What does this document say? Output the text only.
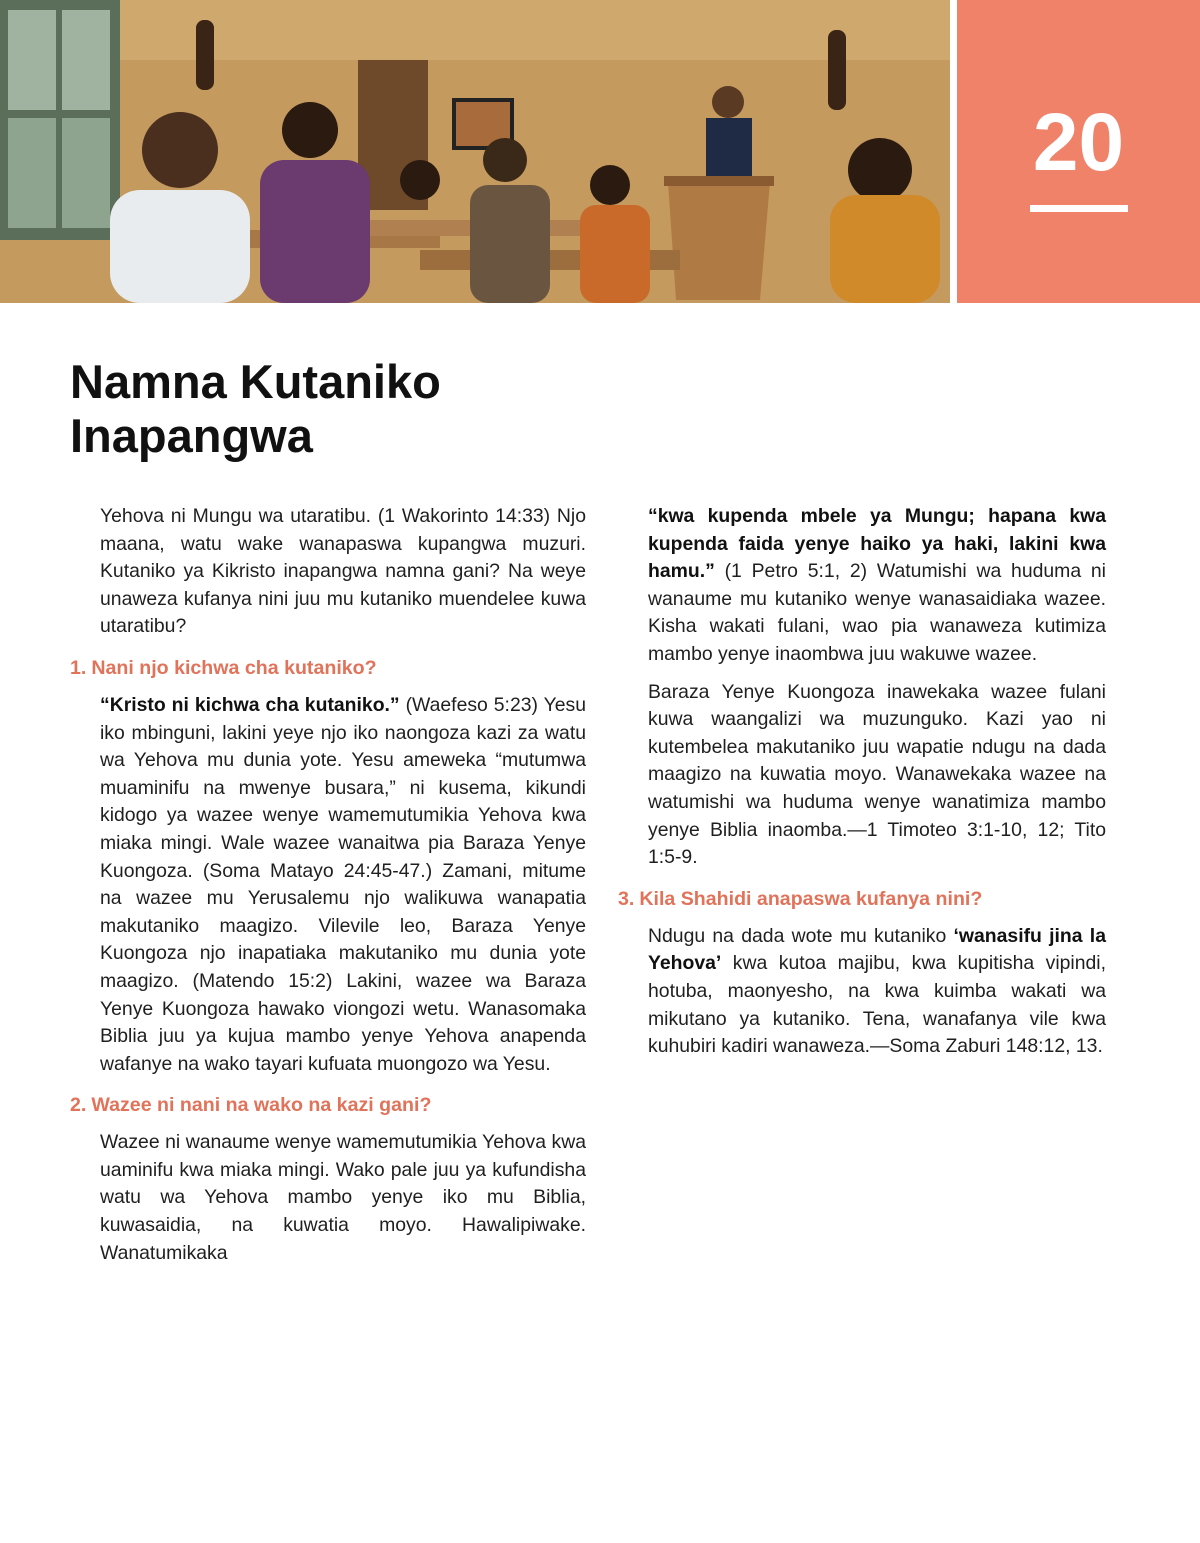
20
Namna Kutaniko
Inapangwa

Yehova ni Mungu wa utaratibu. (1 Wakorinto 14:33) Njo maana, watu wake wanapaswa kupangwa muzuri. Kutaniko ya Kikristo inapangwa namna gani? Na weye unaweza kufanya nini juu mu kutaniko muendelee kuwa utaratibu?

1. Nani njo kichwa cha kutaniko?

“Kristo ni kichwa cha kutaniko.” (Waefeso 5:23) Yesu iko mbinguni, lakini yeye njo iko naongoza kazi za watu wa Yehova mu dunia yote. Yesu ameweka “mutumwa muaminifu na mwenye busara,” ni kusema, kikundi kidogo ya wazee wenye wamemutumikia Yehova kwa miaka mingi. Wale wazee wanaitwa pia Baraza Yenye Kuongoza. (Soma Matayo 24:45-47.) Zamani, mitume na wazee mu Yerusalemu njo walikuwa wanapatia makutaniko maagizo. Vilevile leo, Baraza Yenye Kuongoza njo inapatiaka makutaniko mu dunia yote maagizo. (Matendo 15:2) Lakini, wazee wa Baraza Yenye Kuongoza hawako viongozi wetu. Wanasomaka Biblia juu ya kujua mambo yenye Yehova anapenda wafanye na wako tayari kufuata muongozo wa Yesu.

2. Wazee ni nani na wako na kazi gani?

Wazee ni wanaume wenye wamemutumikia Yehova kwa uaminifu kwa miaka mingi. Wako pale juu ya kufundisha watu wa Yehova mambo yenye iko mu Biblia, kuwasaidia, na kuwatia moyo. Hawalipiwake. Wanatumikaka

“kwa kupenda mbele ya Mungu; hapana kwa kupenda faida yenye haiko ya haki, lakini kwa hamu.” (1 Petro 5:1, 2) Watumishi wa huduma ni wanaume mu kutaniko wenye wanasaidiaka wazee. Kisha wakati fulani, wao pia wanaweza kutimiza mambo yenye inaombwa juu wakuwe wazee.

Baraza Yenye Kuongoza inawekaka wazee fulani kuwa waangalizi wa muzunguko. Kazi yao ni kutembelea makutaniko juu wapatie ndugu na dada maagizo na kuwatia moyo. Wanawekaka wazee na watumishi wa huduma wenye wanatimiza mambo yenye Biblia inaomba.—1 Timoteo 3:1-10, 12; Tito 1:5-9.

3. Kila Shahidi anapaswa kufanya nini?

Ndugu na dada wote mu kutaniko ‘wanasifu jina la Yehova’ kwa kutoa majibu, kwa kupitisha vipindi, hotuba, maonyesho, na kwa kuimba wakati wa mikutano ya kutaniko. Tena, wanafanya vile kwa kuhubiri kadiri wanaweza.—Soma Zaburi 148:12, 13.
